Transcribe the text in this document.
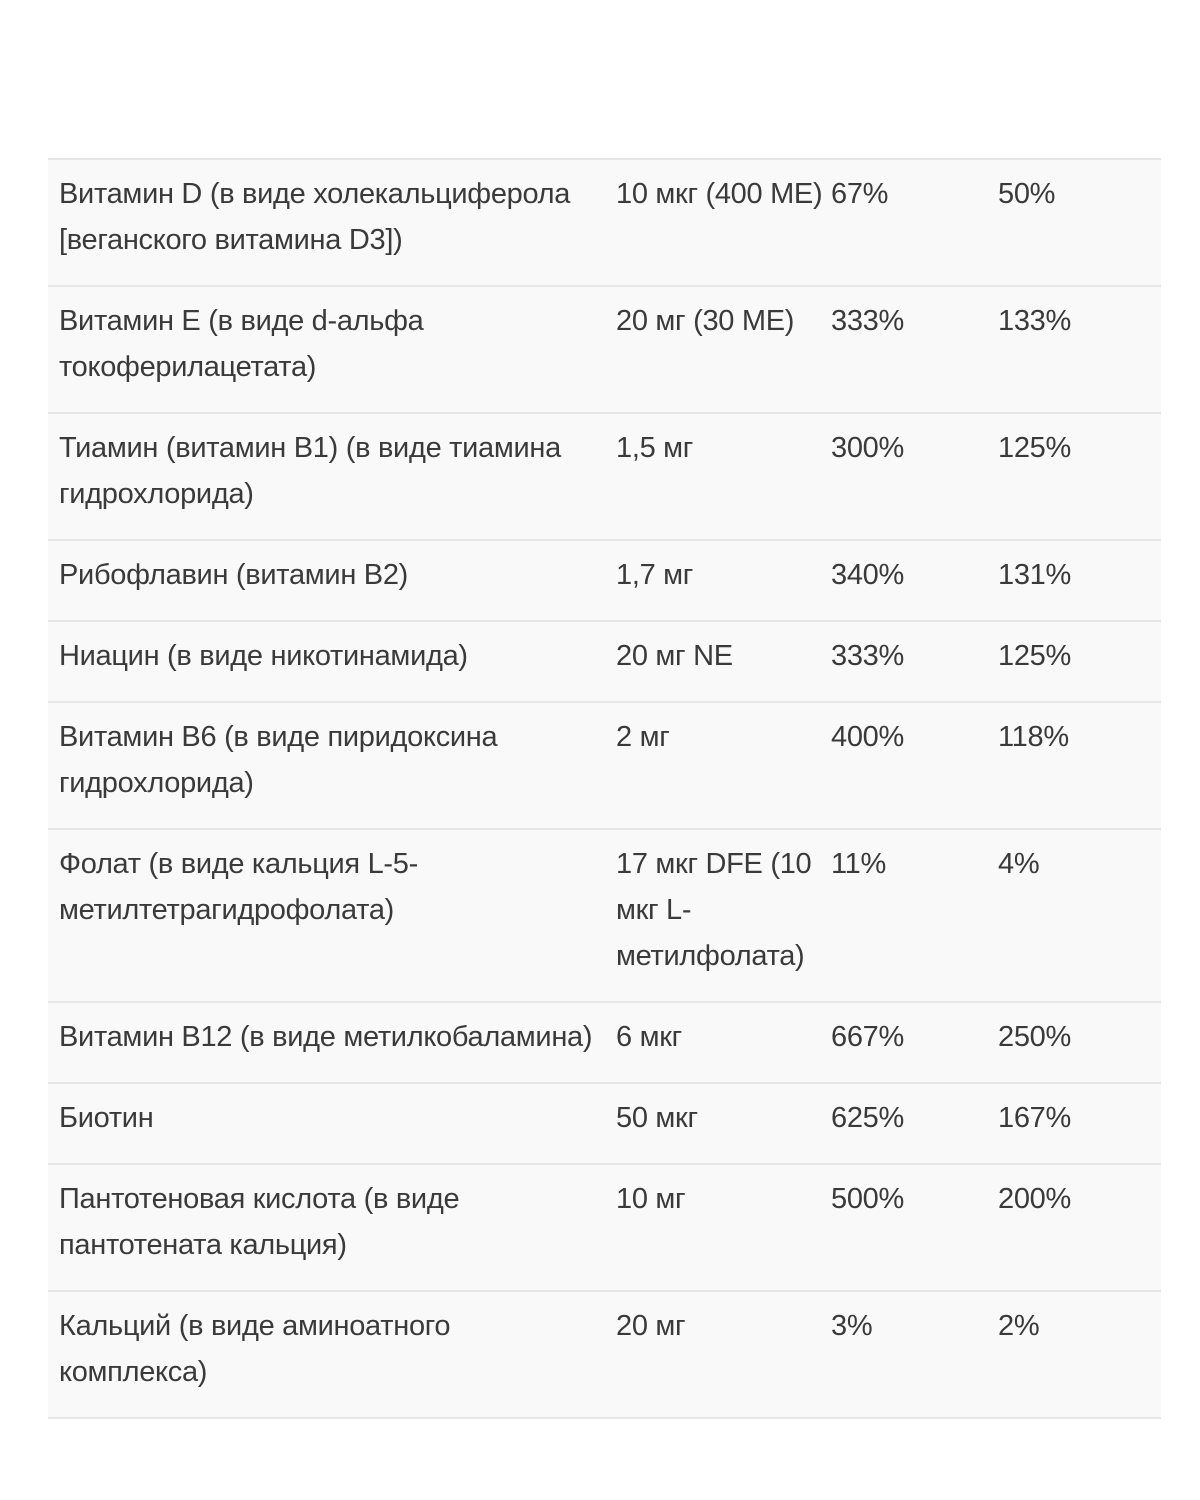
Витамин D (в виде холекальциферола [веганского витамина D3])	10 мкг (400 МЕ)	67%	50%
Витамин Е (в виде d-альфа токоферилацетата)	20 мг (30 МЕ)	333%	133%
Тиамин (витамин В1) (в виде тиамина гидрохлорида)	1,5 мг	300%	125%
Рибофлавин (витамин В2)	1,7 мг	340%	131%
Ниацин (в виде никотинамида)	20 мг NE	333%	125%
Витамин В6 (в виде пиридоксина гидрохлорида)	2 мг	400%	118%
Фолат (в виде кальция L-5-метилтетрагидрофолата)	17 мкг DFE (10 мкг L-метилфолата)	11%	4%
Витамин В12 (в виде метилкобаламина)	6 мкг	667%	250%
Биотин	50 мкг	625%	167%
Пантотеновая кислота (в виде пантотената кальция)	10 мг	500%	200%
Кальций (в виде аминоатного комплекса)	20 мг	3%	2%
